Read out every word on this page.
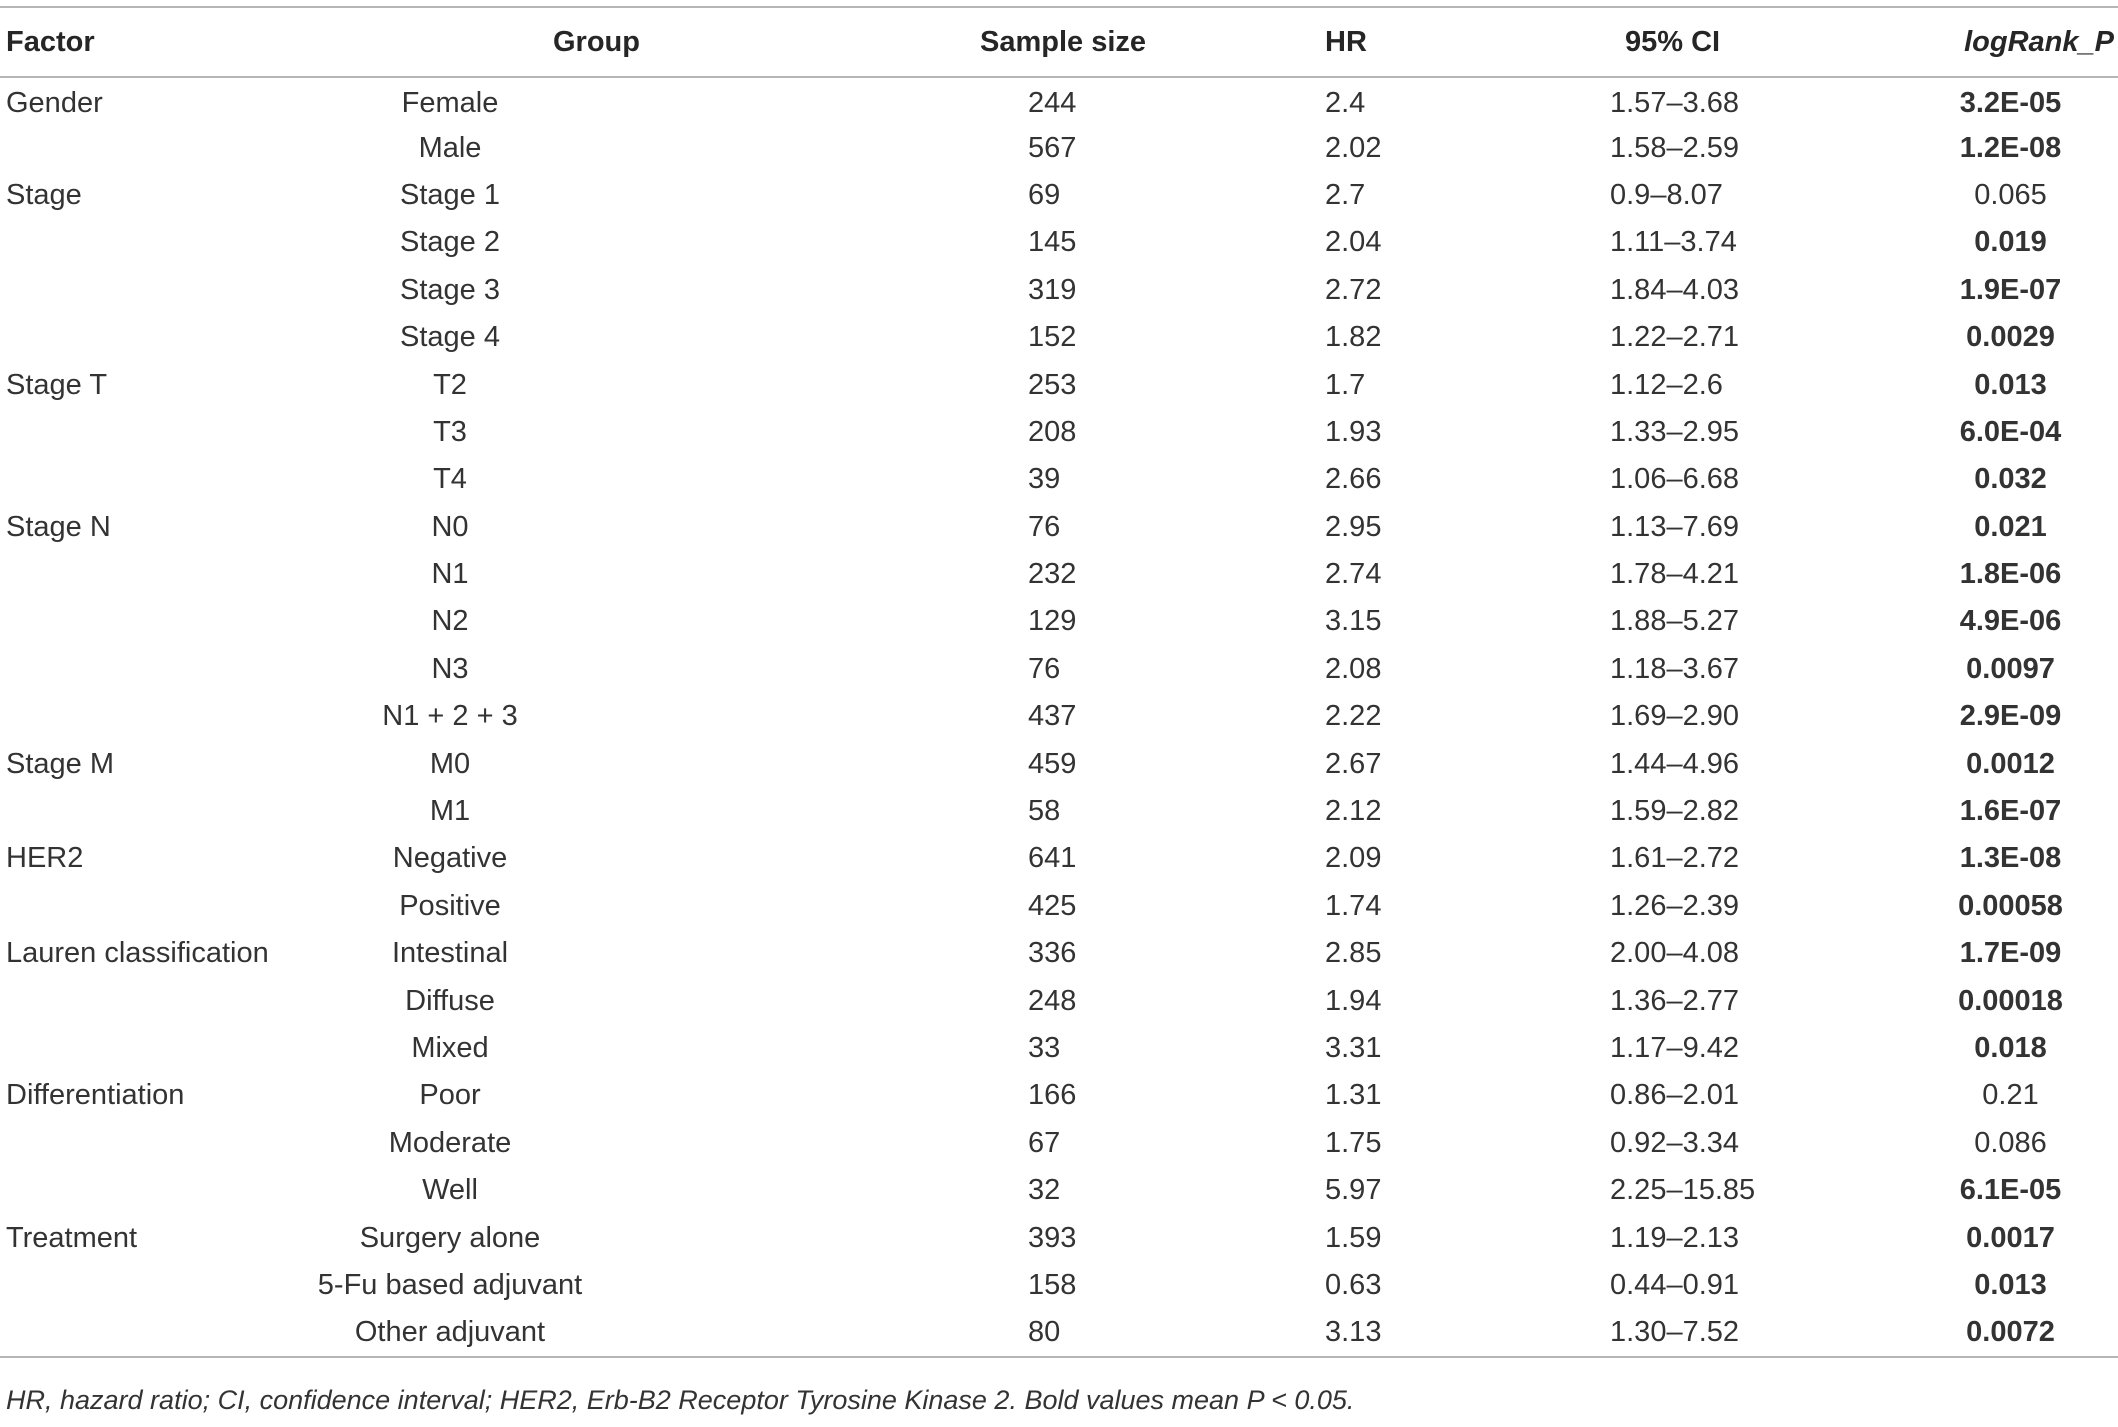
Factor	Group	Sample size	HR	95% CI	logRank_P
Gender	Female	244	2.4	1.57–3.68	3.2E-05
	Male	567	2.02	1.58–2.59	1.2E-08
Stage	Stage 1	69	2.7	0.9–8.07	0.065
	Stage 2	145	2.04	1.11–3.74	0.019
	Stage 3	319	2.72	1.84–4.03	1.9E-07
	Stage 4	152	1.82	1.22–2.71	0.0029
Stage T	T2	253	1.7	1.12–2.6	0.013
	T3	208	1.93	1.33–2.95	6.0E-04
	T4	39	2.66	1.06–6.68	0.032
Stage N	N0	76	2.95	1.13–7.69	0.021
	N1	232	2.74	1.78–4.21	1.8E-06
	N2	129	3.15	1.88–5.27	4.9E-06
	N3	76	2.08	1.18–3.67	0.0097
	N1 + 2 + 3	437	2.22	1.69–2.90	2.9E-09
Stage M	M0	459	2.67	1.44–4.96	0.0012
	M1	58	2.12	1.59–2.82	1.6E-07
HER2	Negative	641	2.09	1.61–2.72	1.3E-08
	Positive	425	1.74	1.26–2.39	0.00058
Lauren classification	Intestinal	336	2.85	2.00–4.08	1.7E-09
	Diffuse	248	1.94	1.36–2.77	0.00018
	Mixed	33	3.31	1.17–9.42	0.018
Differentiation	Poor	166	1.31	0.86–2.01	0.21
	Moderate	67	1.75	0.92–3.34	0.086
	Well	32	5.97	2.25–15.85	6.1E-05
Treatment	Surgery alone	393	1.59	1.19–2.13	0.0017
	5-Fu based adjuvant	158	0.63	0.44–0.91	0.013
	Other adjuvant	80	3.13	1.30–7.52	0.0072
HR, hazard ratio; CI, confidence interval; HER2, Erb-B2 Receptor Tyrosine Kinase 2. Bold values mean P < 0.05.
